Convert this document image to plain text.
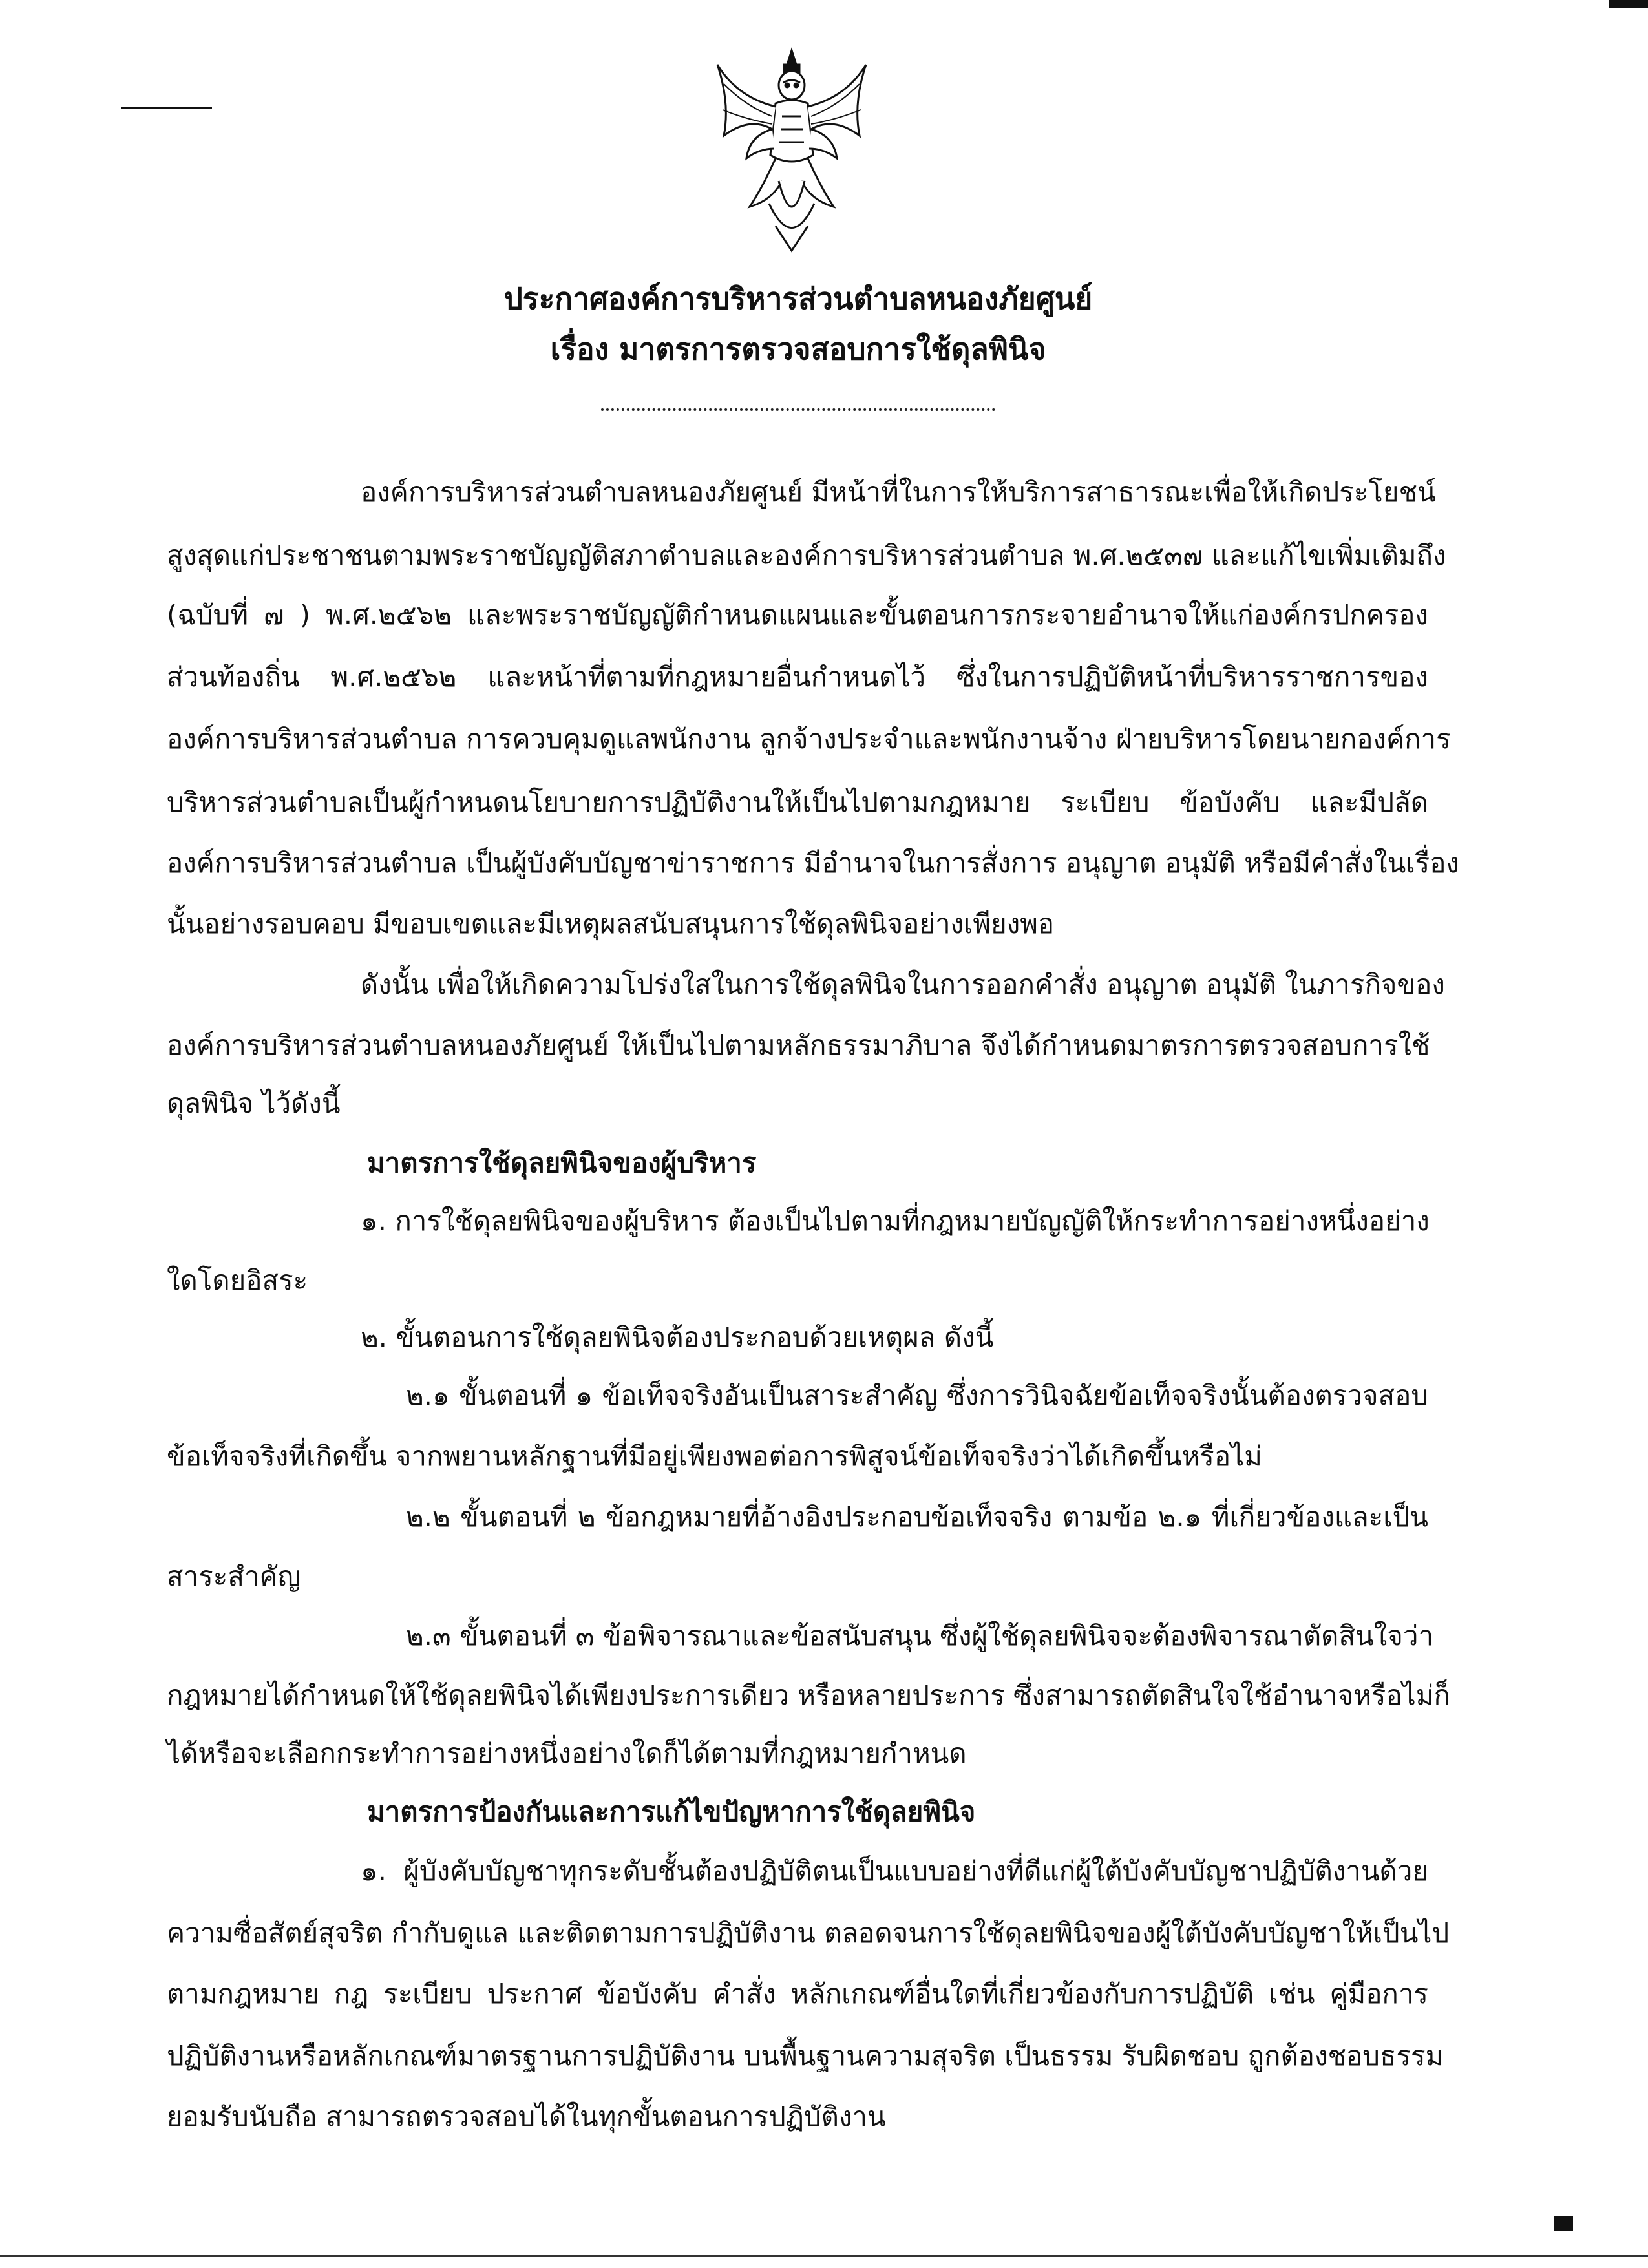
ประกาศองค์การบริหารส่วนตำบลหนองภัยศูนย์
เรื่อง มาตรการตรวจสอบการใช้ดุลพินิจ
องค์การบริหารส่วนตำบลหนองภัยศูนย์ มีหน้าที่ในการให้บริการสาธารณะเพื่อให้เกิดประโยชน์
สูงสุดแก่ประชาชนตามพระราชบัญญัติสภาตำบลและองค์การบริหารส่วนตำบล พ.ศ.๒๕๓๗ และแก้ไขเพิ่มเติมถึง
(ฉบับที่ ๗ ) พ.ศ.๒๕๖๒ และพระราชบัญญัติกำหนดแผนและขั้นตอนการกระจายอำนาจให้แก่องค์กรปกครอง
ส่วนท้องถิ่น พ.ศ.๒๕๖๒ และหน้าที่ตามที่กฎหมายอื่นกำหนดไว้ ซึ่งในการปฏิบัติหน้าที่บริหารราชการของ
องค์การบริหารส่วนตำบล การควบคุมดูแลพนักงาน ลูกจ้างประจำและพนักงานจ้าง ฝ่ายบริหารโดยนายกองค์การ
บริหารส่วนตำบลเป็นผู้กำหนดนโยบายการปฏิบัติงานให้เป็นไปตามกฎหมาย ระเบียบ ข้อบังคับ และมีปลัด
องค์การบริหารส่วนตำบล เป็นผู้บังคับบัญชาข่าราชการ มีอำนาจในการสั่งการ อนุญาต อนุมัติ หรือมีคำสั่งในเรื่อง
นั้นอย่างรอบคอบ มีขอบเขตและมีเหตุผลสนับสนุนการใช้ดุลพินิจอย่างเพียงพอ
ดังนั้น เพื่อให้เกิดความโปร่งใสในการใช้ดุลพินิจในการออกคำสั่ง อนุญาต อนุมัติ ในภารกิจของ
องค์การบริหารส่วนตำบลหนองภัยศูนย์ ให้เป็นไปตามหลักธรรมาภิบาล จึงได้กำหนดมาตรการตรวจสอบการใช้
ดุลพินิจ ไว้ดังนี้
มาตรการใช้ดุลยพินิจของผู้บริหาร
๑. การใช้ดุลยพินิจของผู้บริหาร ต้องเป็นไปตามที่กฎหมายบัญญัติให้กระทำการอย่างหนึ่งอย่าง
ใดโดยอิสระ
๒. ขั้นตอนการใช้ดุลยพินิจต้องประกอบด้วยเหตุผล ดังนี้
๒.๑ ขั้นตอนที่ ๑ ข้อเท็จจริงอันเป็นสาระสำคัญ ซึ่งการวินิจฉัยข้อเท็จจริงนั้นต้องตรวจสอบ
ข้อเท็จจริงที่เกิดขึ้น จากพยานหลักฐานที่มีอยู่เพียงพอต่อการพิสูจน์ข้อเท็จจริงว่าได้เกิดขึ้นหรือไม่
๒.๒ ขั้นตอนที่ ๒ ข้อกฎหมายที่อ้างอิงประกอบข้อเท็จจริง ตามข้อ ๒.๑ ที่เกี่ยวข้องและเป็น
สาระสำคัญ
๒.๓ ขั้นตอนที่ ๓ ข้อพิจารณาและข้อสนับสนุน ซึ่งผู้ใช้ดุลยพินิจจะต้องพิจารณาตัดสินใจว่า
กฎหมายได้กำหนดให้ใช้ดุลยพินิจได้เพียงประการเดียว หรือหลายประการ ซึ่งสามารถตัดสินใจใช้อำนาจหรือไม่ก็
ได้หรือจะเลือกกระทำการอย่างหนึ่งอย่างใดก็ได้ตามที่กฎหมายกำหนด
มาตรการป้องกันและการแก้ไขปัญหาการใช้ดุลยพินิจ
๑. ผู้บังคับบัญชาทุกระดับชั้นต้องปฏิบัติตนเป็นแบบอย่างที่ดีแก่ผู้ใต้บังคับบัญชาปฏิบัติงานด้วย
ความซื่อสัตย์สุจริต กำกับดูแล และติดตามการปฏิบัติงาน ตลอดจนการใช้ดุลยพินิจของผู้ใต้บังคับบัญชาให้เป็นไป
ตามกฎหมาย กฎ ระเบียบ ประกาศ ข้อบังคับ คำสั่ง หลักเกณฑ์อื่นใดที่เกี่ยวข้องกับการปฏิบัติ เช่น คู่มือการ
ปฏิบัติงานหรือหลักเกณฑ์มาตรฐานการปฏิบัติงาน บนพื้นฐานความสุจริต เป็นธรรม รับผิดชอบ ถูกต้องชอบธรรม
ยอมรับนับถือ สามารถตรวจสอบได้ในทุกขั้นตอนการปฏิบัติงาน
